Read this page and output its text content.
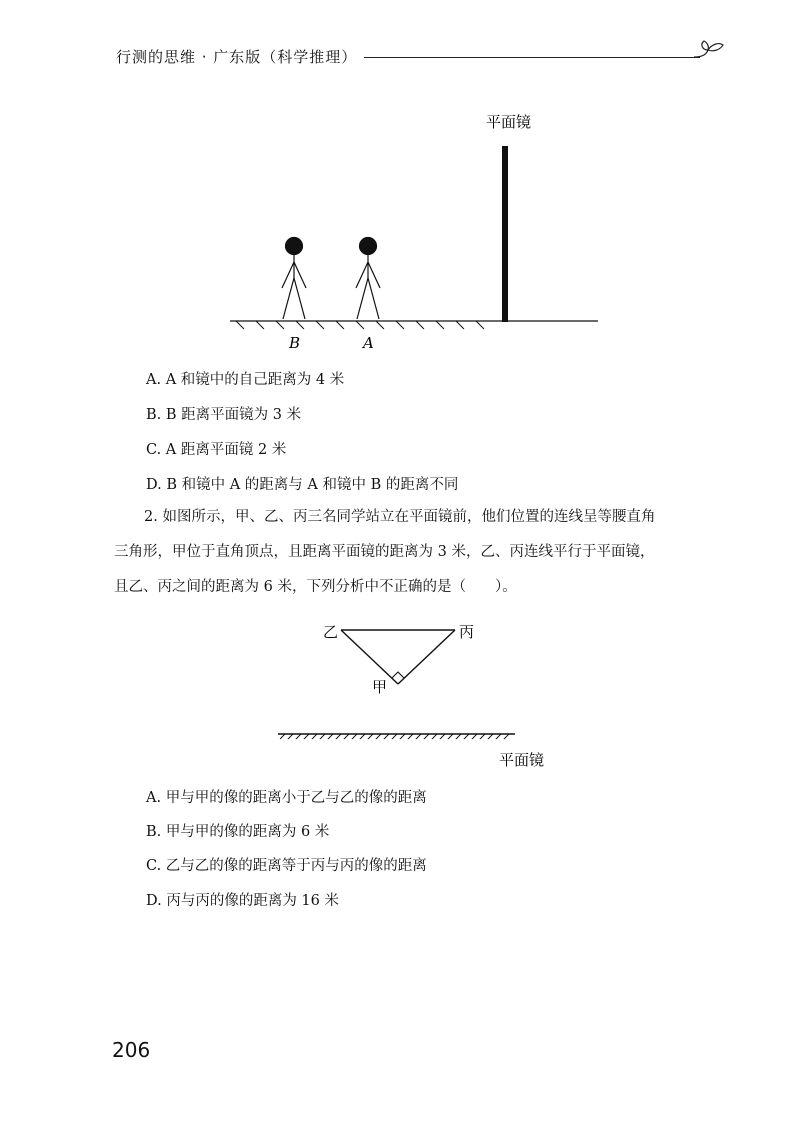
行测的思维 · 广东版（科学推理）
平面镜
B	A
A. A 和镜中的自己距离为 4 米
B. B 距离平面镜为 3 米
C. A 距离平面镜 2 米
D. B 和镜中 A 的距离与 A 和镜中 B 的距离不同
2. 如图所示，甲、乙、丙三名同学站立在平面镜前，他们位置的连线呈等腰直角
三角形，甲位于直角顶点，且距离平面镜的距离为 3 米，乙、丙连线平行于平面镜，
且乙、丙之间的距离为 6 米，下列分析中不正确的是（　　）。
乙	丙
甲
平面镜
A. 甲与甲的像的距离小于乙与乙的像的距离
B. 甲与甲的像的距离为 6 米
C. 乙与乙的像的距离等于丙与丙的像的距离
D. 丙与丙的像的距离为 16 米
206
